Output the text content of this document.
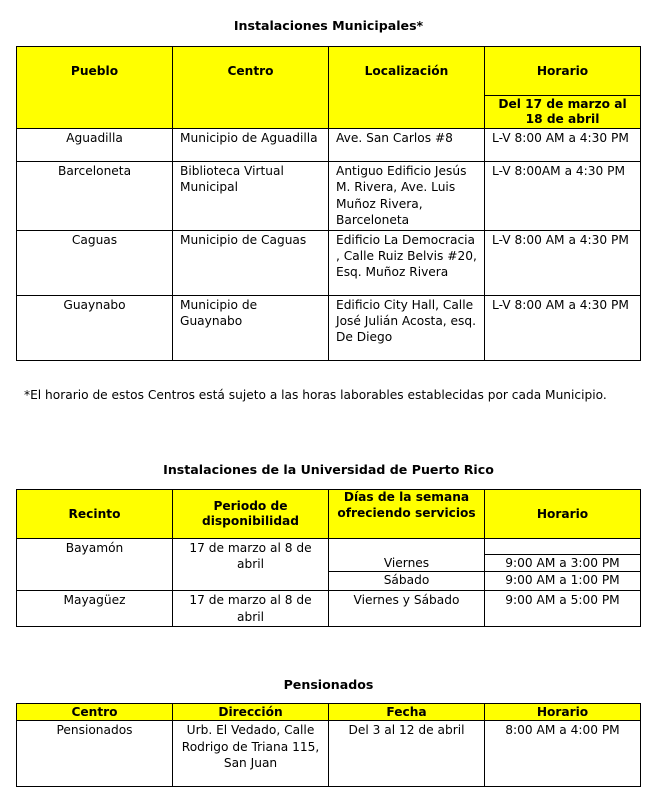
Instalaciones Municipales*

Pueblo	Centro	Localización	Horario
			Del 17 de marzo al 18 de abril
Aguadilla	Municipio de Aguadilla	Ave. San Carlos #8	L-V 8:00 AM a 4:30 PM
Barceloneta	Biblioteca Virtual Municipal	Antiguo Edificio Jesús M. Rivera, Ave. Luis Muñoz Rivera, Barceloneta	L-V 8:00AM a 4:30 PM
Caguas	Municipio de Caguas	Edificio La Democracia , Calle Ruiz Belvis #20, Esq. Muñoz Rivera	L-V 8:00 AM a 4:30 PM
Guaynabo	Municipio de Guaynabo	Edificio City Hall, Calle José Julián Acosta, esq. De Diego	L-V 8:00 AM a 4:30 PM

*El horario de estos Centros está sujeto a las horas laborables establecidas por cada Municipio.

Instalaciones de la Universidad de Puerto Rico

Recinto	Periodo de disponibilidad	Días de la semana ofreciendo servicios	Horario
Bayamón	17 de marzo al 8 de abril		
		Viernes	9:00 AM a 3:00 PM
		Sábado	9:00 AM a 1:00 PM
Mayagüez	17 de marzo al 8 de abril	Viernes y Sábado	9:00 AM a 5:00 PM

Pensionados

Centro	Dirección	Fecha	Horario
Pensionados	Urb. El Vedado, Calle Rodrigo de Triana 115, San Juan	Del 3 al 12 de abril	8:00 AM a 4:00 PM
